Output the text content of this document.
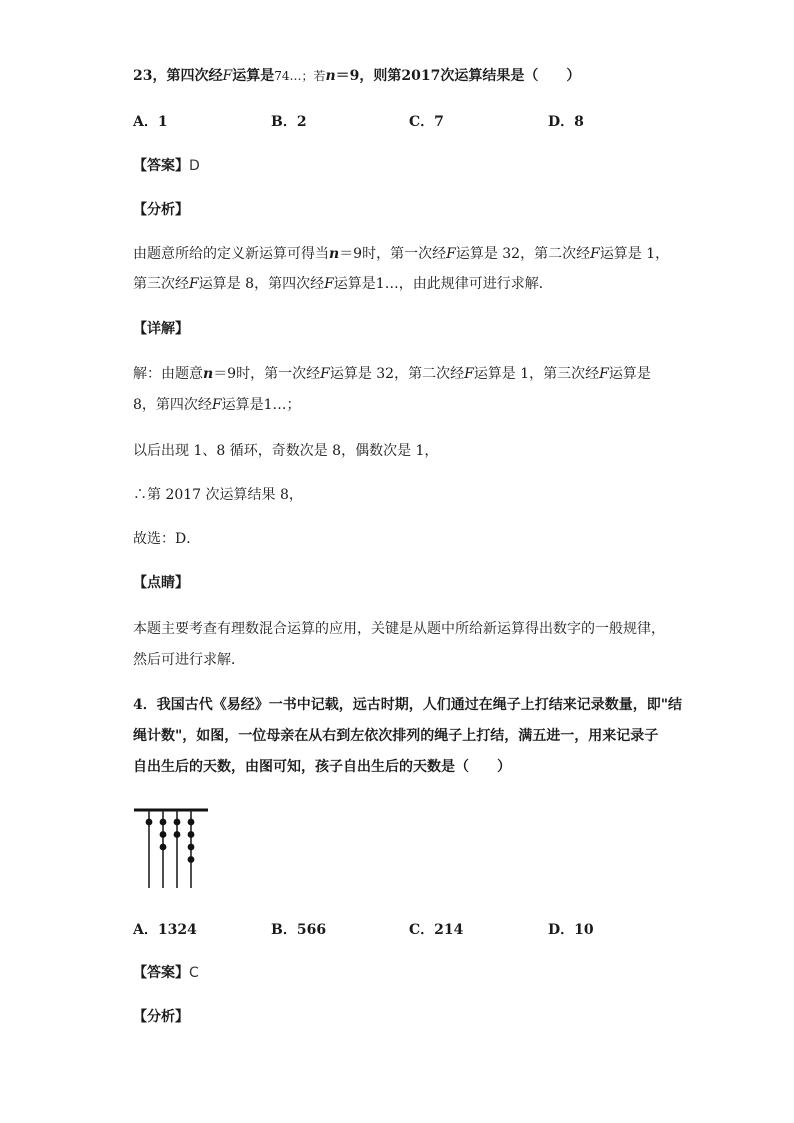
23，第四次经F运算是74…；若n＝9，则第2017次运算结果是（　　）
A．1	B．2	C．7	D．8
【答案】D
【分析】
由题意所给的定义新运算可得当n＝9时，第一次经F运算是 32，第二次经F运算是 1，
第三次经F运算是 8，第四次经F运算是1…，由此规律可进行求解．
【详解】
解：由题意n＝9时，第一次经F运算是 32，第二次经F运算是 1，第三次经F运算是
8，第四次经F运算是1…；
以后出现 1、8 循环，奇数次是 8，偶数次是 1，
∴第 2017 次运算结果 8，
故选：D．
【点睛】
本题主要考查有理数混合运算的应用，关键是从题中所给新运算得出数字的一般规律，
然后可进行求解．
4．我国古代《易经》一书中记载，远古时期，人们通过在绳子上打结来记录数量，即"结
绳计数"，如图，一位母亲在从右到左依次排列的绳子上打结，满五进一，用来记录子
自出生后的天数，由图可知，孩子自出生后的天数是（　　）
A．1324	B．566	C．214	D．10
【答案】C
【分析】
